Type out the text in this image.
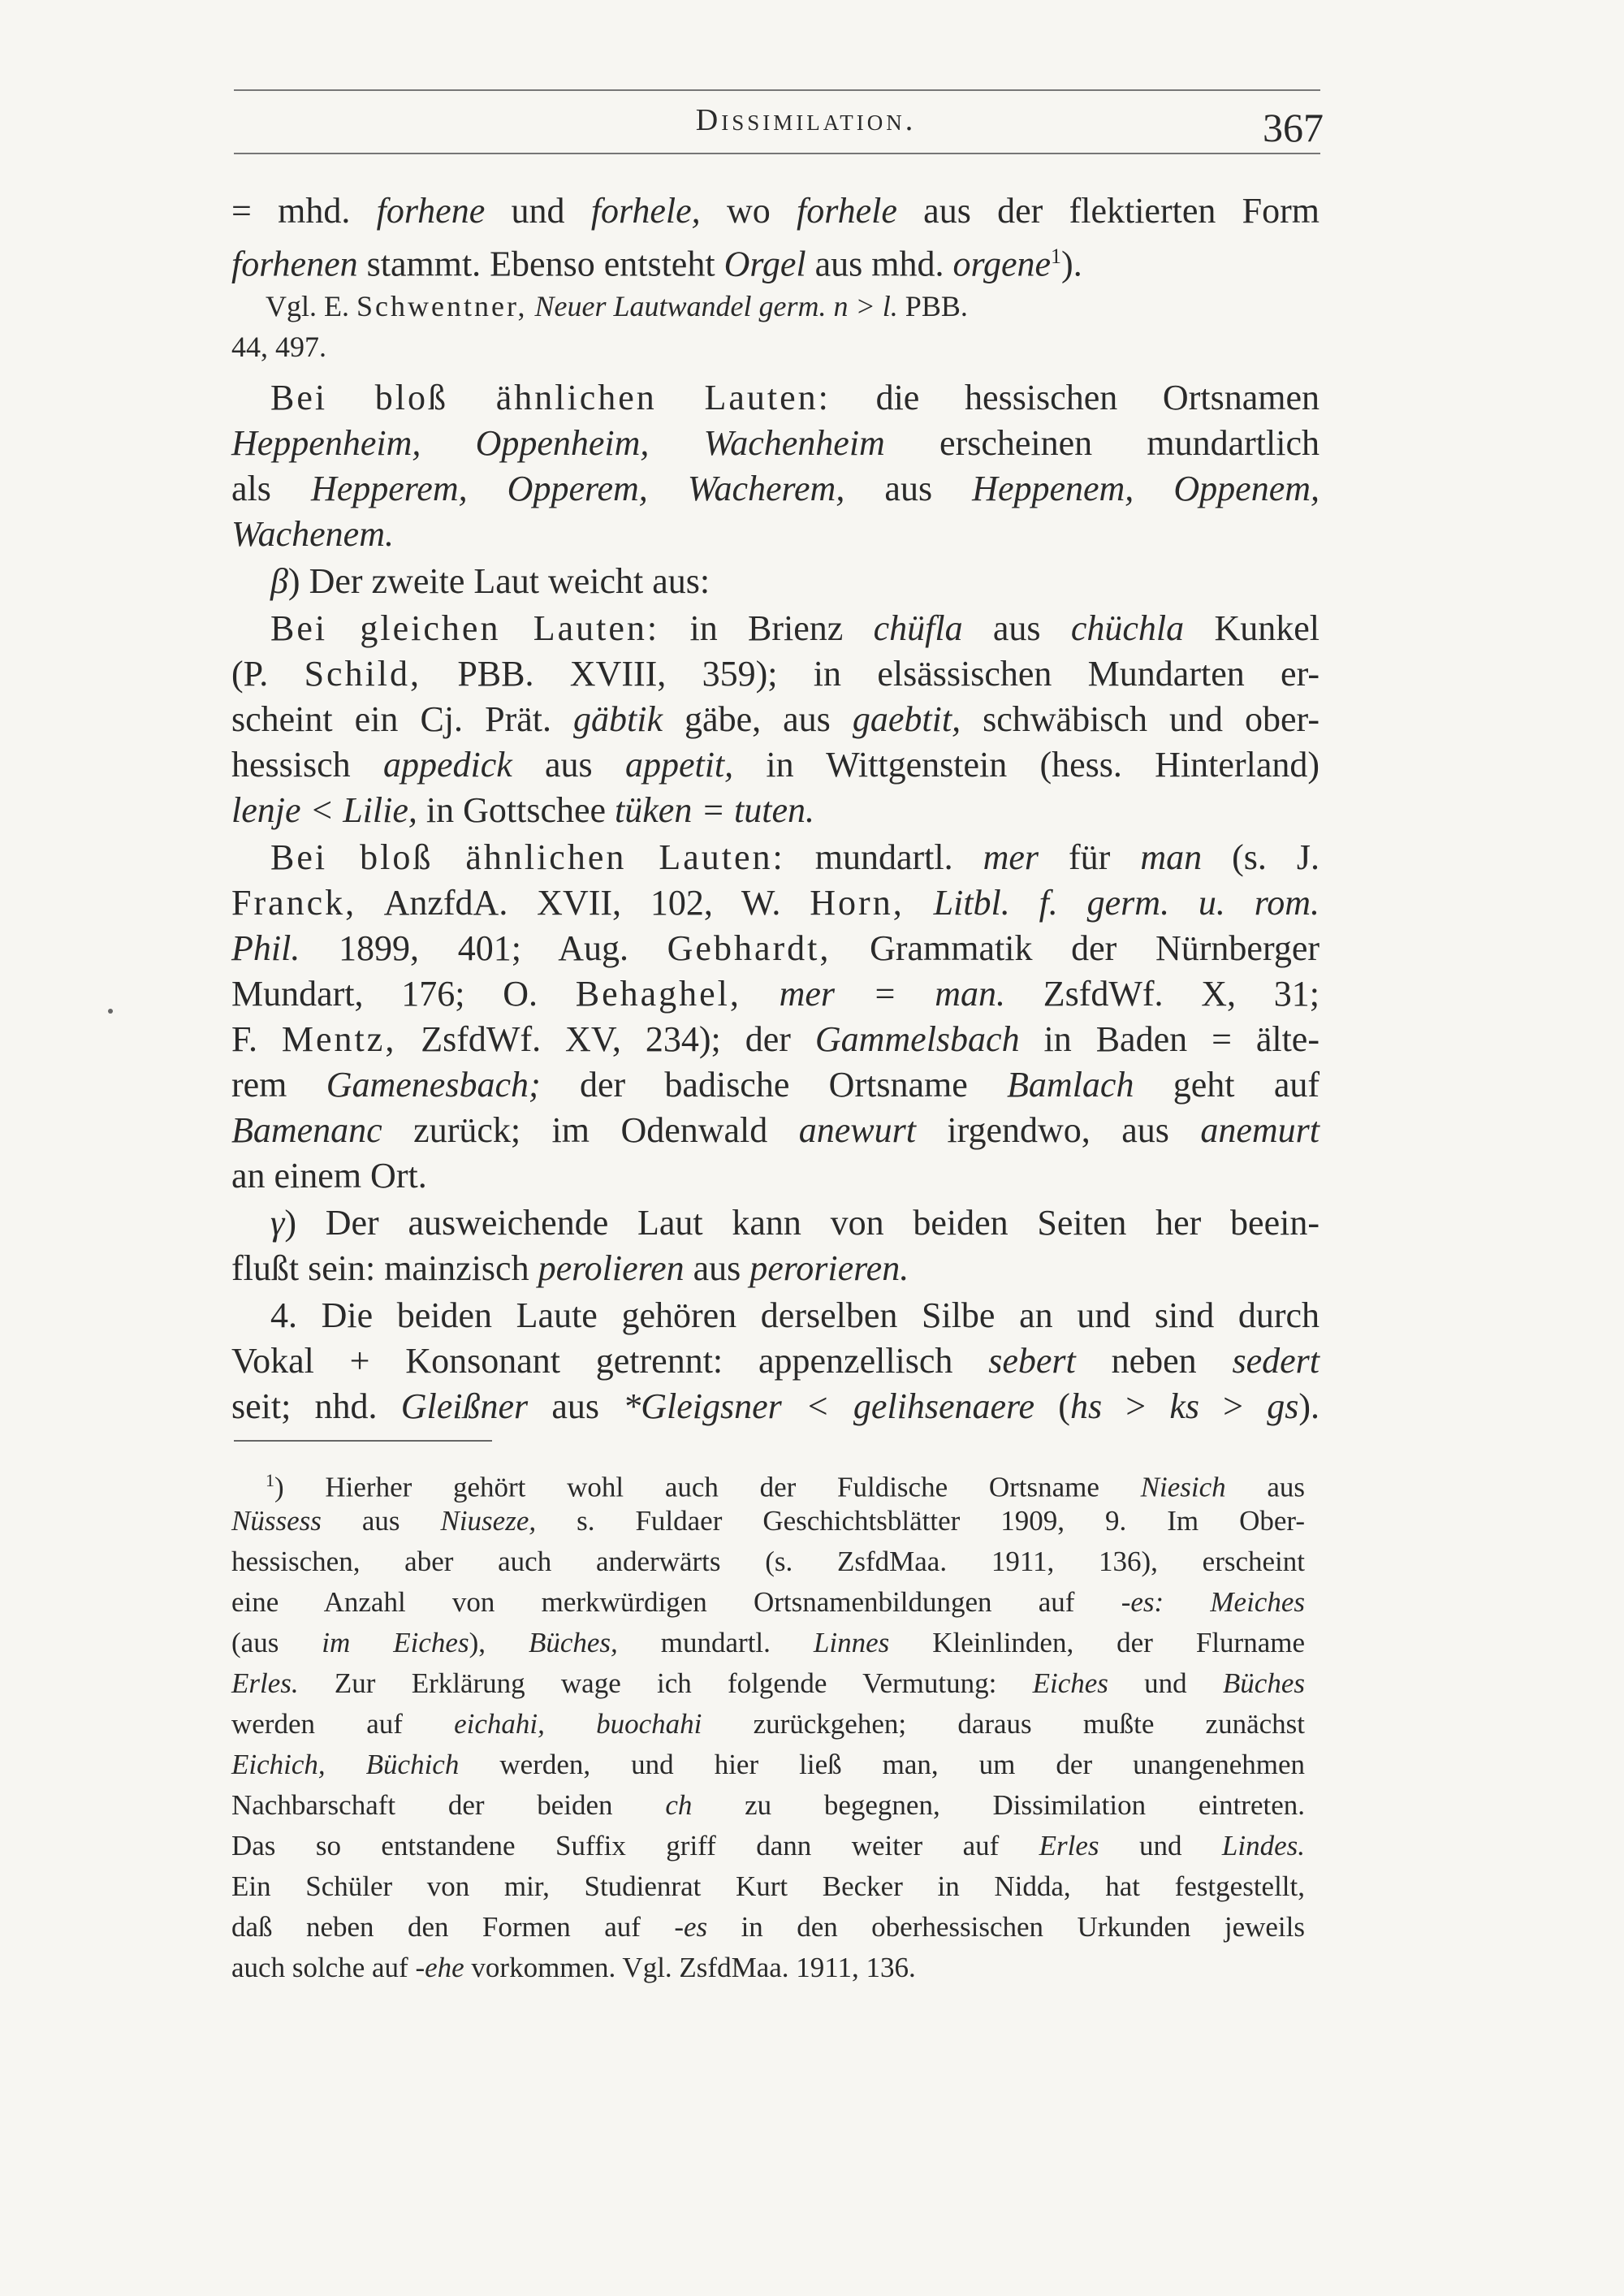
Dissimilation.	367
= mhd. forhene und forhele, wo forhele aus der flektierten Form
forhenen stammt. Ebenso entsteht Orgel aus mhd. orgene$^1$).
Vgl. E. Schwentner, Neuer Lautwandel germ. n > l. PBB.
44, 497.
Bei bloß ähnlichen Lauten: die hessischen Ortsnamen
Heppenheim, Oppenheim, Wachenheim erscheinen mundartlich
als Hepperem, Opperem, Wacherem, aus Heppenem, Oppenem,
Wachenem.
β) Der zweite Laut weicht aus:
Bei gleichen Lauten: in Brienz chüfla aus chüchla Kunkel
(P. Schild, PBB. XVIII, 359); in elsässischen Mundarten er-
scheint ein Cj. Prät. gäbtik gäbe, aus gaebtit, schwäbisch und ober-
hessisch appedick aus appetit, in Wittgenstein (hess. Hinterland)
lenje < Lilie, in Gottschee tüken = tuten.
Bei bloß ähnlichen Lauten: mundartl. mer für man (s. J.
Franck, AnzfdA. XVII, 102, W. Horn, Litbl. f. germ. u. rom.
Phil. 1899, 401; Aug. Gebhardt, Grammatik der Nürnberger
Mundart, 176; O. Behaghel, mer = man. ZsfdWf. X, 31;
F. Mentz, ZsfdWf. XV, 234); der Gammelsbach in Baden = älte-
rem Gamenesbach; der badische Ortsname Bamlach geht auf
Bamenanc zurück; im Odenwald anewurt irgendwo, aus anemurt
an einem Ort.
γ) Der ausweichende Laut kann von beiden Seiten her beein-
flußt sein: mainzisch perolieren aus perorieren.
4. Die beiden Laute gehören derselben Silbe an und sind durch
Vokal + Konsonant getrennt: appenzellisch sebert neben sedert
seit; nhd. Gleißner aus *Gleigsner < gelihsenaere (hs > ks > gs).
$^1$) Hierher gehört wohl auch der Fuldische Ortsname Niesich aus
Nüssess aus Niuseze, s. Fuldaer Geschichtsblätter 1909, 9. Im Ober-
hessischen, aber auch anderwärts (s. ZsfdMaa. 1911, 136), erscheint
eine Anzahl von merkwürdigen Ortsnamenbildungen auf -es: Meiches
(aus im Eiches), Büches, mundartl. Linnes Kleinlinden, der Flurname
Erles. Zur Erklärung wage ich folgende Vermutung: Eiches und Büches
werden auf eichahi, buochahi zurückgehen; daraus mußte zunächst
Eichich, Büchich werden, und hier ließ man, um der unangenehmen
Nachbarschaft der beiden ch zu begegnen, Dissimilation eintreten.
Das so entstandene Suffix griff dann weiter auf Erles und Lindes.
Ein Schüler von mir, Studienrat Kurt Becker in Nidda, hat festgestellt,
daß neben den Formen auf -es in den oberhessischen Urkunden jeweils
auch solche auf -ehe vorkommen. Vgl. ZsfdMaa. 1911, 136.
